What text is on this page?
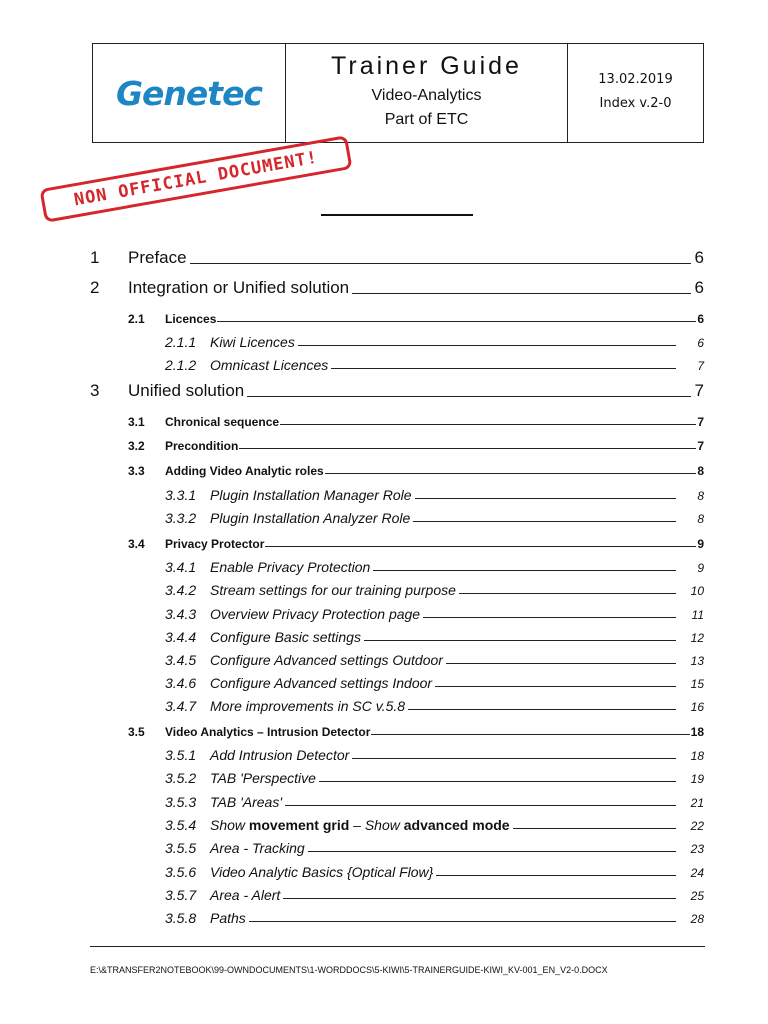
Genetec
Trainer Guide
Video-Analytics
Part of ETC
13.02.2019
Index v.2-0
NON OFFICIAL DOCUMENT!
1	Preface	6
2	Integration or Unified solution	6
2.1	Licences	6
2.1.1 Kiwi Licences	6
2.1.2 Omnicast Licences	7
3	Unified solution	7
3.1	Chronical sequence	7
3.2	Precondition	7
3.3	Adding Video Analytic roles	8
3.3.1 Plugin Installation Manager Role	8
3.3.2 Plugin Installation Analyzer Role	8
3.4	Privacy Protector	9
3.4.1 Enable Privacy Protection	9
3.4.2 Stream settings for our training purpose	10
3.4.3 Overview Privacy Protection page	11
3.4.4 Configure Basic settings	12
3.4.5 Configure Advanced settings Outdoor	13
3.4.6 Configure Advanced settings Indoor	15
3.4.7 More improvements in SC v.5.8	16
3.5	Video Analytics – Intrusion Detector	18
3.5.1 Add Intrusion Detector	18
3.5.2 TAB 'Perspective	19
3.5.3 TAB 'Areas'	21
3.5.4 Show movement grid – Show advanced mode	22
3.5.5 Area - Tracking	23
3.5.6 Video Analytic Basics {Optical Flow}	24
3.5.7 Area - Alert	25
3.5.8 Paths	28
E:\&TRANSFER2NOTEBOOK\99-OWNDOCUMENTS\1-WORDDOCS\5-KIWI\5-TRAINERGUIDE-KIWI_KV-001_EN_V2-0.DOCX
